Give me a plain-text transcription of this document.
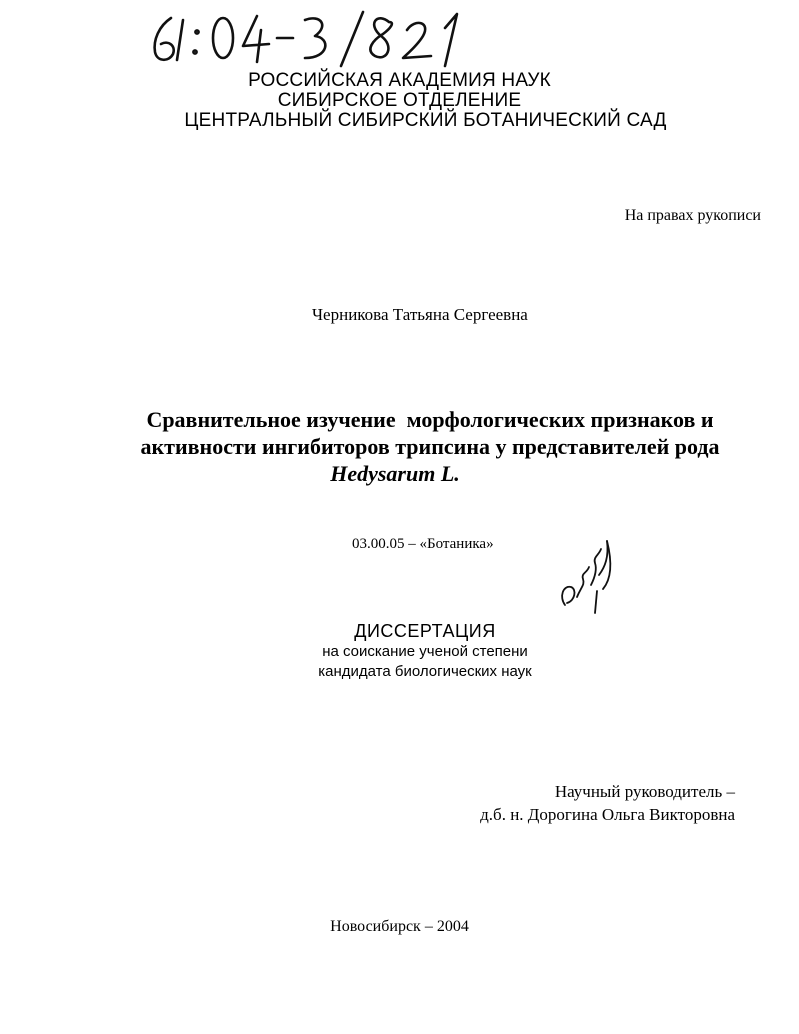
РОССИЙСКАЯ АКАДЕМИЯ НАУК
СИБИРСКОЕ ОТДЕЛЕНИЕ
ЦЕНТРАЛЬНЫЙ СИБИРСКИЙ БОТАНИЧЕСКИЙ САД
На правах рукописи
Черникова Татьяна Сергеевна
Сравнительное изучение  морфологических признаков и
активности ингибиторов трипсина у представителей рода
Hedysarum L.
03.00.05 – «Ботаника»
ДИССЕРТАЦИЯ
на соискание ученой степени
кандидата биологических наук
Научный руководитель –
д.б. н. Дорогина Ольга Викторовна
Новосибирск – 2004
